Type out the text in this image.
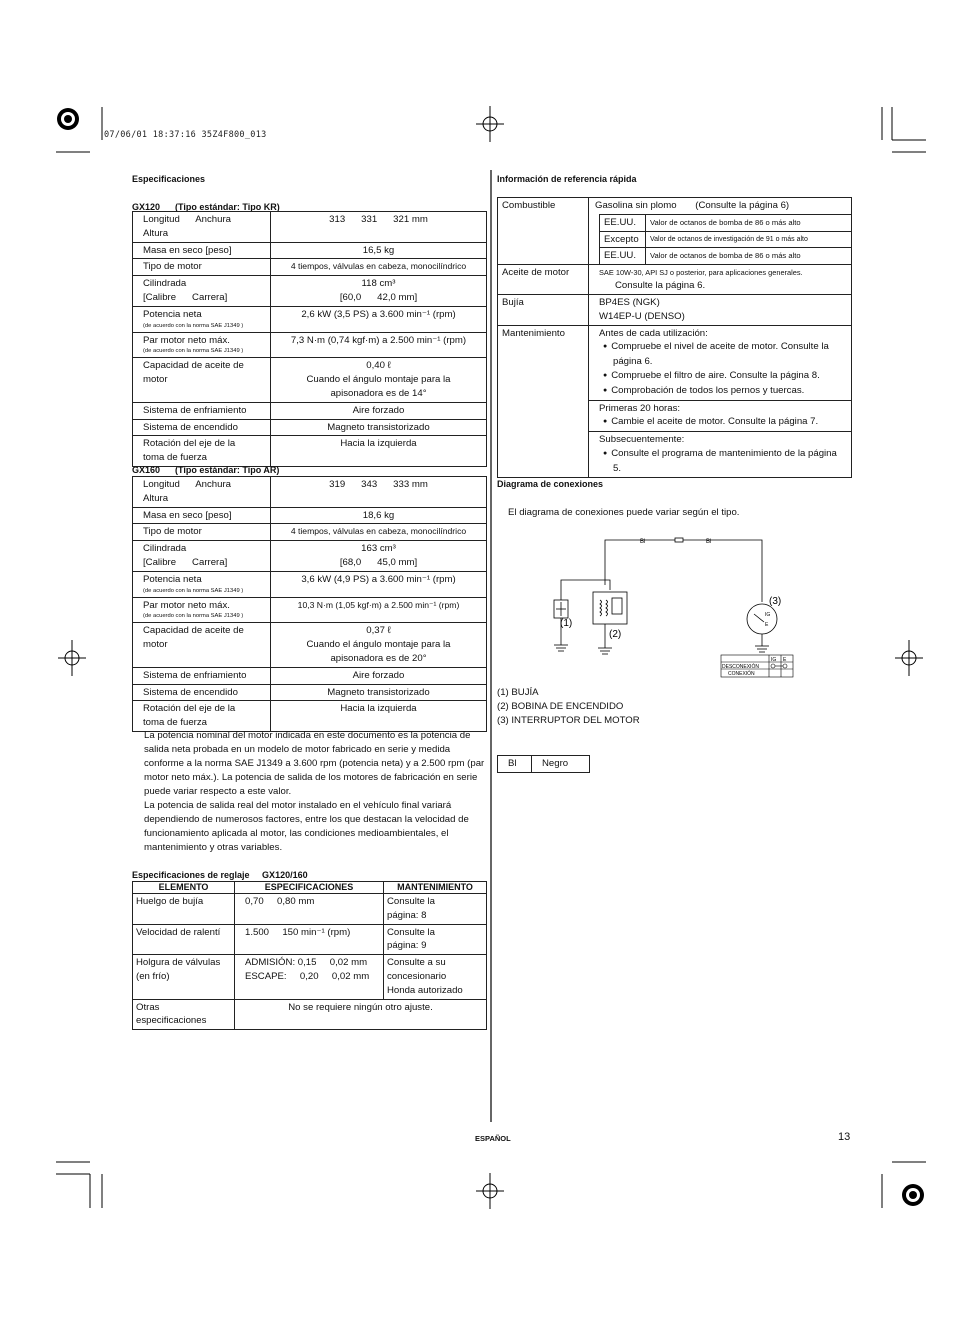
07/06/01 18:37:16 35Z4F800_013
Especificaciones
GX120      (Tipo estándar: Tipo KR)
Longitud      Anchura
Altura	313      331      321 mm
Masa en seco [peso]	16,5 kg
Tipo de motor	4 tiempos, válvulas en cabeza, monocilíndrico
Cilindrada
[Calibre      Carrera]	118 cm³
[60,0      42,0 mm]
Potencia neta
(de acuerdo con la norma SAE J1349 )	2,6 kW (3,5 PS) a 3.600 min⁻¹ (rpm)
Par motor neto máx.
(de acuerdo con la norma SAE J1349 )	7,3 N·m (0,74 kgf·m) a 2.500 min⁻¹ (rpm)
Capacidad de aceite de
motor	0,40 ℓ
Cuando el ángulo montaje para la
apisonadora es de 14°
Sistema de enfriamiento	Aire forzado
Sistema de encendido	Magneto transistorizado
Rotación del eje de la
toma de fuerza	Hacia la izquierda
GX160      (Tipo estándar: Tipo AR)
Longitud      Anchura
Altura	319      343      333 mm
Masa en seco [peso]	18,6 kg
Tipo de motor	4 tiempos, válvulas en cabeza, monocilíndrico
Cilindrada
[Calibre      Carrera]	163 cm³
[68,0      45,0 mm]
Potencia neta
(de acuerdo con la norma SAE J1349 )	3,6 kW (4,9 PS) a 3.600 min⁻¹ (rpm)
Par motor neto máx.
(de acuerdo con la norma SAE J1349 )	10,3 N·m (1,05 kgf·m) a 2.500 min⁻¹ (rpm)
Capacidad de aceite de
motor	0,37 ℓ
Cuando el ángulo montaje para la
apisonadora es de 20°
Sistema de enfriamiento	Aire forzado
Sistema de encendido	Magneto transistorizado
Rotación del eje de la
toma de fuerza	Hacia la izquierda
La potencia nominal del motor indicada en este documento es la potencia de salida neta probada en un modelo de motor fabricado en serie y medida conforme a la norma SAE J1349 a 3.600 rpm (potencia neta) y a 2.500 rpm (par motor neto máx.). La potencia de salida de los motores de fabricación en serie puede variar respecto a este valor.
La potencia de salida real del motor instalado en el vehículo final variará dependiendo de numerosos factores, entre los que destacan la velocidad de funcionamiento aplicada al motor, las condiciones medioambientales, el mantenimiento y otras variables.
Especificaciones de reglaje     GX120/160
ELEMENTO	ESPECIFICACIONES	MANTENIMIENTO
Huelgo de bujía	0,70     0,80 mm	Consulte la
página: 8
Velocidad de ralentí	1.500     150 min⁻¹ (rpm)	Consulte la
página: 9
Holgura de válvulas
(en frío)	ADMISIÓN: 0,15     0,02 mm
ESCAPE:     0,20     0,02 mm	Consulte a su
concesionario
Honda autorizado
Otras
especificaciones	No se requiere ningún otro ajuste.	
Información de referencia rápida
Combustible	Gasolina sin plomo       (Consulte la página 6)
EE.UU.	Valor de octanos de bomba de 86 o más alto
Excepto	Valor de octanos de investigación de 91 o más alto
EE.UU.	Valor de octanos de bomba de 86 o más alto

Aceite de motor	SAE 10W-30, API SJ o posterior, para aplicaciones generales.
Consulte la página 6.

Bujía	BP4ES (NGK)
W14EP-U (DENSO)

Mantenimiento	Antes de cada utilización:
● Compruebe el nivel de aceite de motor. Consulte la página 6.
● Compruebe el filtro de aire. Consulte la página 8.
● Comprobación de todos los pernos y tuercas.

Primeras 20 horas:
● Cambie el aceite de motor. Consulte la página 7.

Subsecuentemente:
● Consulte el programa de mantenimiento de la página 5.
Diagrama de conexiones
El diagrama de conexiones puede variar según el tipo.
Bl	Bl
(1)
(2)
(3)
IG
E
IG E
DESCONEXIÓN
CONEXIÓN
(1) BUJÍA
(2) BOBINA DE ENCENDIDO
(3) INTERRUPTOR DEL MOTOR
Bl	Negro
ESPAÑOL	13
